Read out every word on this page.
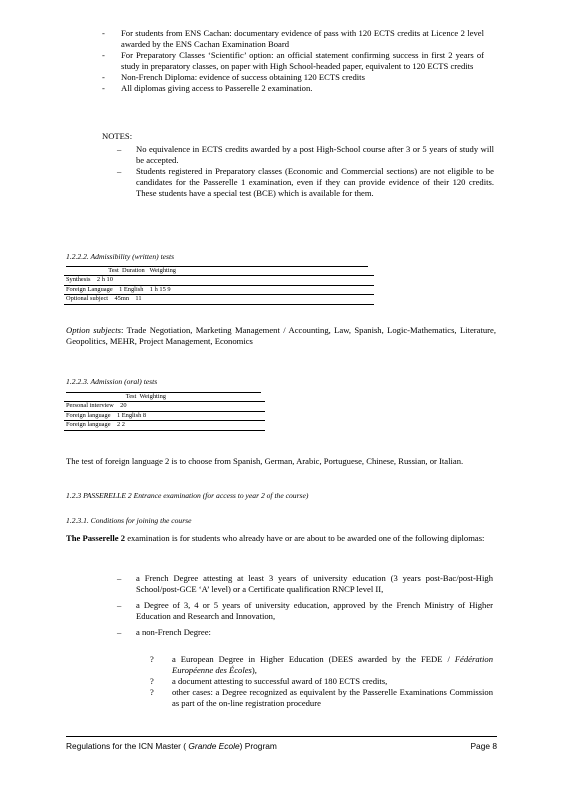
- For students from ENS Cachan: documentary evidence of pass with 120 ECTS credits at Licence 2 level awarded by the ENS Cachan Examination Board
- For Preparatory Classes ‘Scientific’ option: an official statement confirming success in first 2 years of study in preparatory classes, on paper with High School-headed paper, equivalent to 120 ECTS credits
- Non-French Diploma: evidence of success obtaining 120 ECTS credits
- All diplomas giving access to Passerelle 2 examination.
NOTES:
– No equivalence in ECTS credits awarded by a post High-School course after 3 or 5 years of study will be accepted.
– Students registered in Preparatory classes (Economic and Commercial sections) are not eligible to be candidates for the Passerelle 1 examination, even if they can provide evidence of their 120 credits. These students have a special test (BCE) which is available for them.
1.2.2.2. Admissibility (written) tests
Test Duration Weighting	
Synthesis 2 h 10
Foreign Language 1 English 1 h 15 9
Optional subject 45mn 11
Option subjects: Trade Negotiation, Marketing Management / Accounting, Law, Spanish, Logic-Mathematics, Literature, Geopolitics, MEHR, Project Management, Economics
1.2.2.3. Admission (oral) tests
Test Weighting	
Personal interview 20
Foreign language 1 English 8
Foreign language 2 2
The test of foreign language 2 is to choose from Spanish, German, Arabic, Portuguese, Chinese, Russian, or Italian.
1.2.3 PASSERELLE 2 Entrance examination (for access to year 2 of the course)
1.2.3.1. Conditions for joining the course
The Passerelle 2 examination is for students who already have or are about to be awarded one of the following diplomas:
– a French Degree attesting at least 3 years of university education (3 years post-Bac/post-High School/post-GCE ‘A’ level) or a Certificate qualification RNCP level II,
– a Degree of 3, 4 or 5 years of university education, approved by the French Ministry of Higher Education and Research and Innovation,
– a non-French Degree:
? a European Degree in Higher Education (DEES awarded by the FEDE / Fédération Européenne des Écoles),
? a document attesting to successful award of 180 ECTS credits,
? other cases: a Degree recognized as equivalent by the Passerelle Examinations Commission as part of the on-line registration procedure
Regulations for the ICN Master ( Grande Ecole) Program	Page 8
